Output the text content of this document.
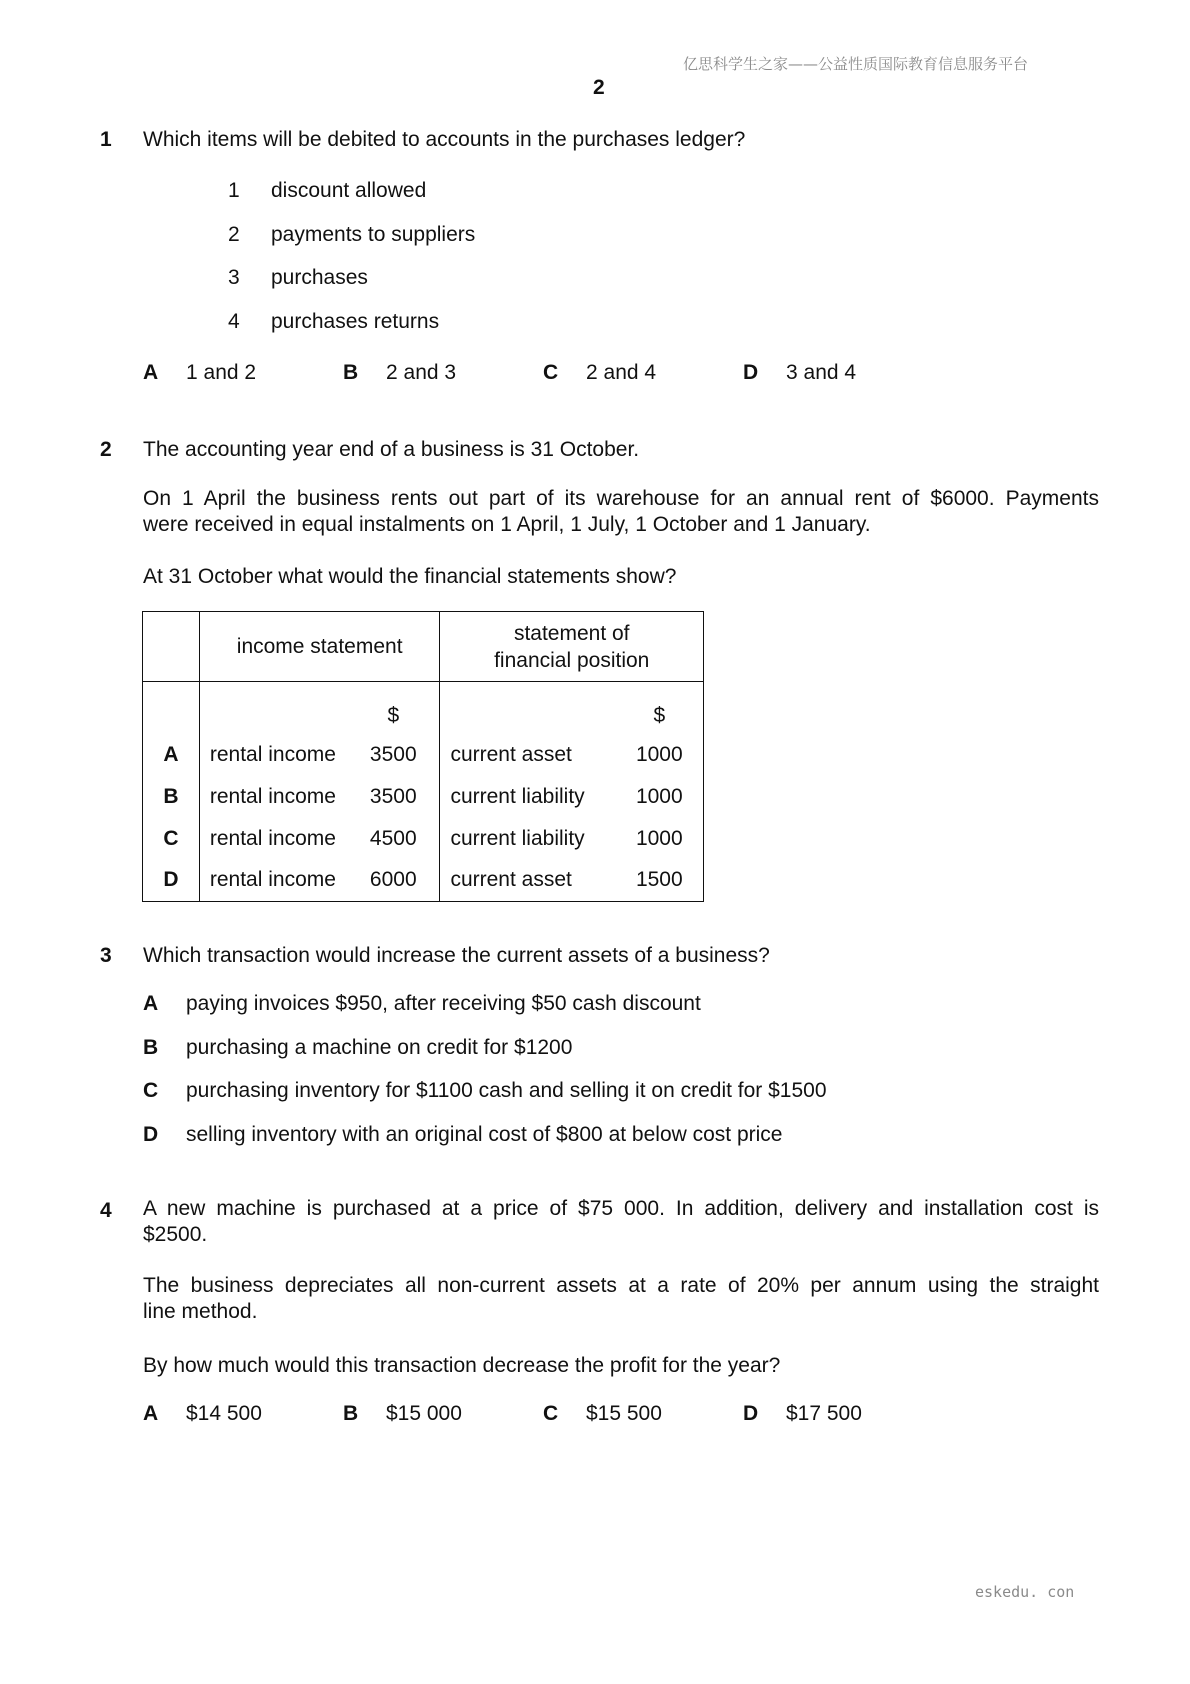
亿思科学生之家——公益性质国际教育信息服务平台
2
1 Which items will be debited to accounts in the purchases ledger?
1 discount allowed
2 payments to suppliers
3 purchases
4 purchases returns
A 1 and 2	B 2 and 3	C 2 and 4	D 3 and 4
2 The accounting year end of a business is 31 October.
On 1 April the business rents out part of its warehouse for an annual rent of $6000. Payments
were received in equal instalments on 1 April, 1 July, 1 October and 1 January.
At 31 October what would the financial statements show?
	income statement		statement of
financial position	

		$		$
A	rental income	3500	current asset	1000
B	rental income	3500	current liability	1000
C	rental income	4500	current liability	1000
D	rental income	6000	current asset	1500
3 Which transaction would increase the current assets of a business?
A paying invoices $950, after receiving $50 cash discount
B purchasing a machine on credit for $1200
C purchasing inventory for $1100 cash and selling it on credit for $1500
D selling inventory with an original cost of $800 at below cost price
4 A new machine is purchased at a price of $75 000. In addition, delivery and installation cost is
$2500.
The business depreciates all non-current assets at a rate of 20% per annum using the straight
line method.
By how much would this transaction decrease the profit for the year?
A $14 500	B $15 000	C $15 500	D $17 500
eskedu. con
